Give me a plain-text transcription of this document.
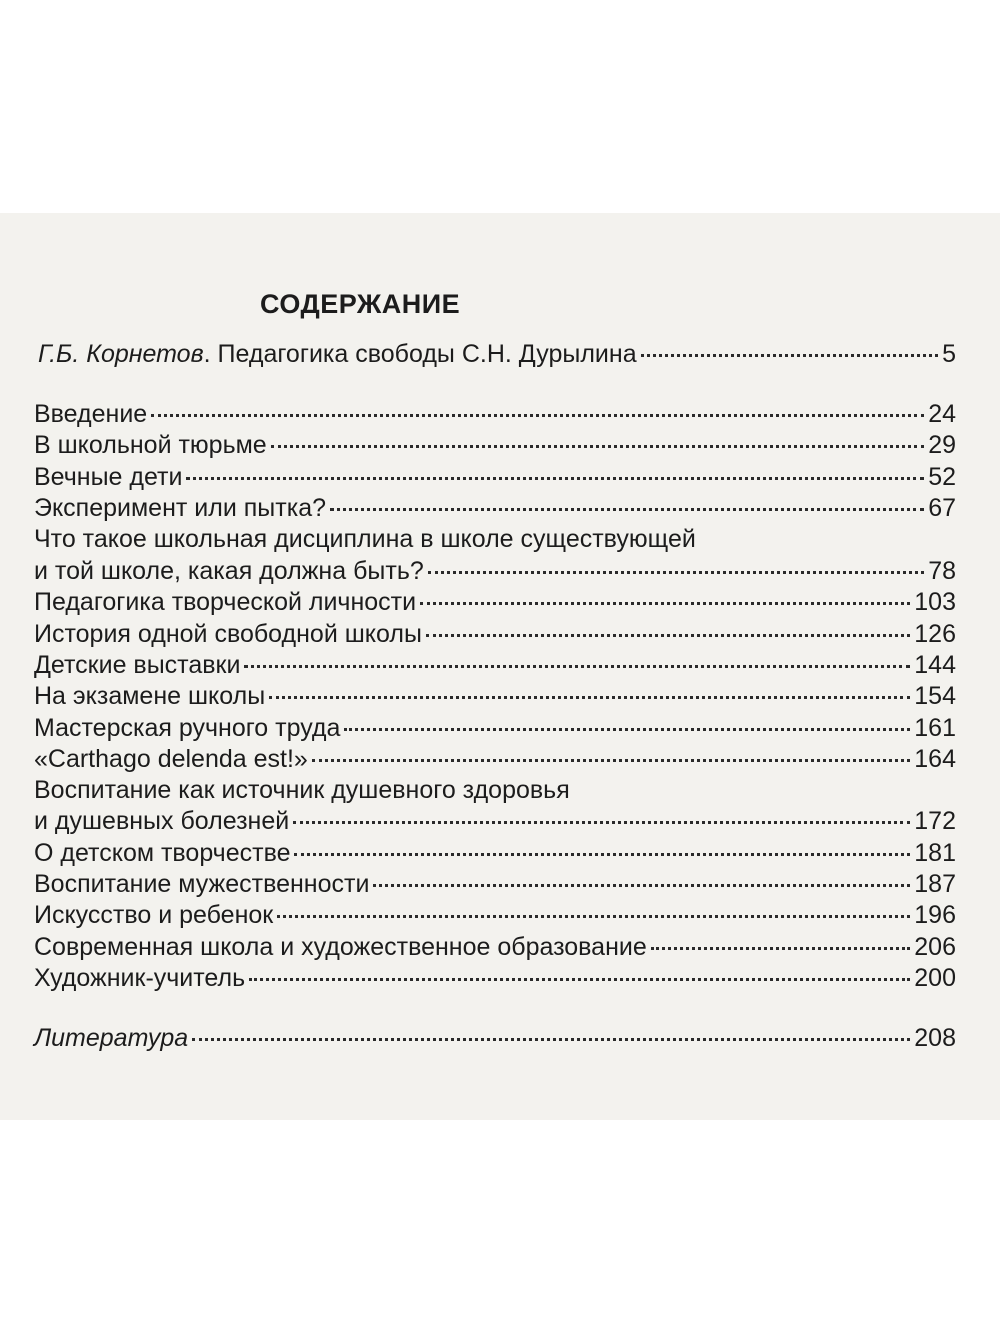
СОДЕРЖАНИЕ
Г.Б. Корнетов. Педагогика свободы С.Н. Дурылина	5
Введение	24
В школьной тюрьме	29
Вечные дети	52
Эксперимент или пытка?	67
Что такое школьная дисциплина в школе существующей
и той школе, какая должна быть?	78
Педагогика творческой личности	103
История одной свободной школы	126
Детские выставки	144
На экзамене школы	154
Мастерская ручного труда	161
«Carthago delenda est!»	164
Воспитание как источник душевного здоровья
и душевных болезней	172
О детском творчестве	181
Воспитание мужественности	187
Искусство и ребенок	196
Современная школа и художественное образование	206
Художник-учитель	200
Литература	208
